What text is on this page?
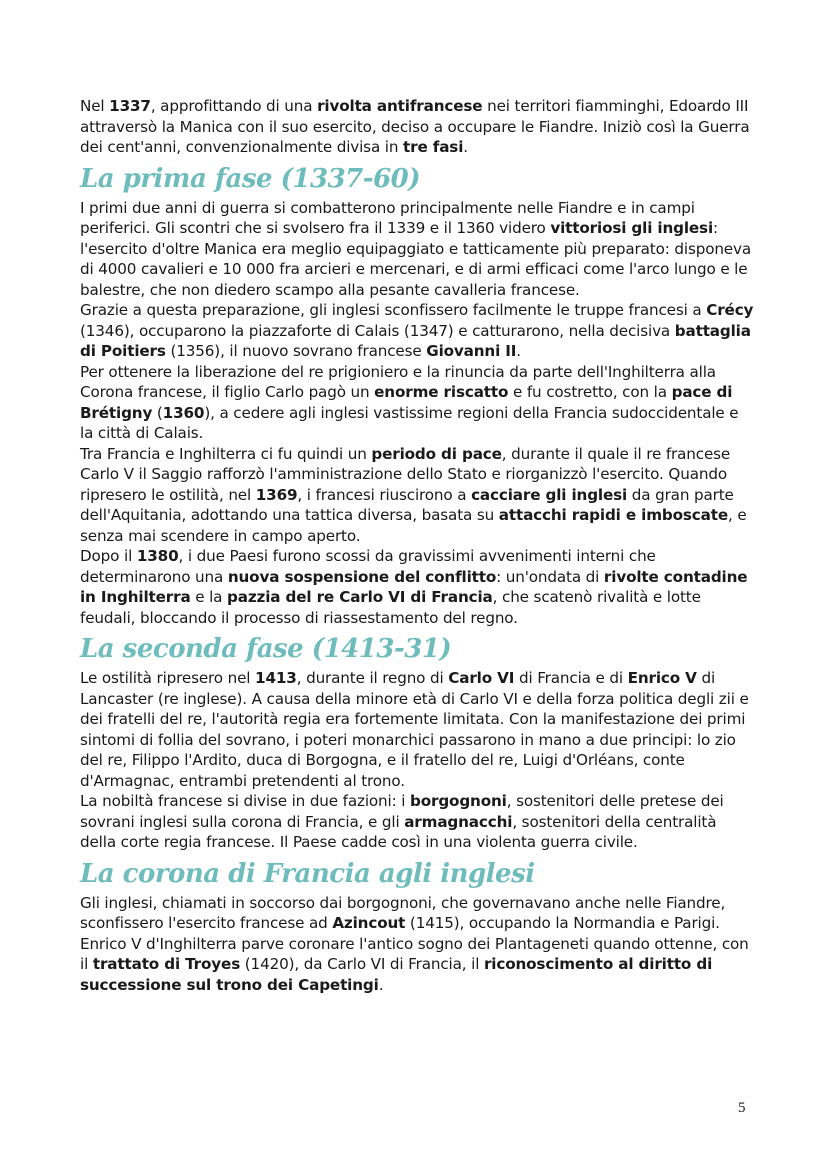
Nel 1337, approfittando di una rivolta antifrancese nei territori fiamminghi, Edoardo III attraversò la Manica con il suo esercito, deciso a occupare le Fiandre. Iniziò così la Guerra dei cent'anni, convenzionalmente divisa in tre fasi.

La prima fase (1337-60)

I primi due anni di guerra si combatterono principalmente nelle Fiandre e in campi periferici. Gli scontri che si svolsero fra il 1339 e il 1360 videro vittoriosi gli inglesi: l'esercito d'oltre Manica era meglio equipaggiato e tatticamente più preparato: disponeva di 4000 cavalieri e 10 000 fra arcieri e mercenari, e di armi efficaci come l'arco lungo e le balestre, che non diedero scampo alla pesante cavalleria francese.

Grazie a questa preparazione, gli inglesi sconfissero facilmente le truppe francesi a Crécy (1346), occuparono la piazzaforte di Calais (1347) e catturarono, nella decisiva battaglia di Poitiers (1356), il nuovo sovrano francese Giovanni II.

Per ottenere la liberazione del re prigioniero e la rinuncia da parte dell'Inghilterra alla Corona francese, il figlio Carlo pagò un enorme riscatto e fu costretto, con la pace di Brétigny (1360), a cedere agli inglesi vastissime regioni della Francia sudoccidentale e la città di Calais.

Tra Francia e Inghilterra ci fu quindi un periodo di pace, durante il quale il re francese Carlo V il Saggio rafforzò l'amministrazione dello Stato e riorganizzò l'esercito. Quando ripresero le ostilità, nel 1369, i francesi riuscirono a cacciare gli inglesi da gran parte dell'Aquitania, adottando una tattica diversa, basata su attacchi rapidi e imboscate, e senza mai scendere in campo aperto.

Dopo il 1380, i due Paesi furono scossi da gravissimi avvenimenti interni che determinarono una nuova sospensione del conflitto: un'ondata di rivolte contadine in Inghilterra e la pazzia del re Carlo VI di Francia, che scatenò rivalità e lotte feudali, bloccando il processo di riassestamento del regno.

La seconda fase (1413-31)

Le ostilità ripresero nel 1413, durante il regno di Carlo VI di Francia e di Enrico V di Lancaster (re inglese). A causa della minore età di Carlo VI e della forza politica degli zii e dei fratelli del re, l'autorità regia era fortemente limitata. Con la manifestazione dei primi sintomi di follia del sovrano, i poteri monarchici passarono in mano a due principi: lo zio del re, Filippo l'Ardito, duca di Borgogna, e il fratello del re, Luigi d'Orléans, conte d'Armagnac, entrambi pretendenti al trono.

La nobiltà francese si divise in due fazioni: i borgognoni, sostenitori delle pretese dei sovrani inglesi sulla corona di Francia, e gli armagnacchi, sostenitori della centralità della corte regia francese. Il Paese cadde così in una violenta guerra civile.

La corona di Francia agli inglesi

Gli inglesi, chiamati in soccorso dai borgognoni, che governavano anche nelle Fiandre, sconfissero l'esercito francese ad Azincout (1415), occupando la Normandia e Parigi. Enrico V d'Inghilterra parve coronare l'antico sogno dei Plantageneti quando ottenne, con il trattato di Troyes (1420), da Carlo VI di Francia, il riconoscimento al diritto di successione sul trono dei Capetingi.

5
